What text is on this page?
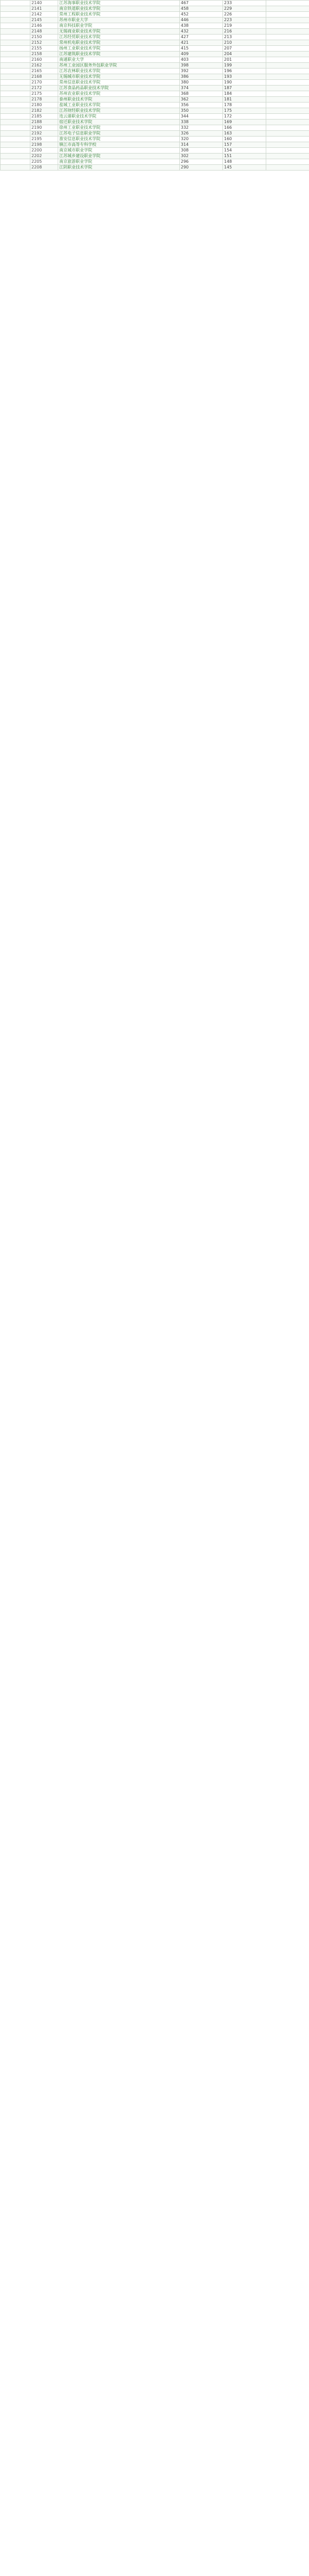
	2140	江苏海事职业技术学院	467	233	
	2141	南京铁道职业技术学院	458	229	
	2142	常州工程职业技术学院	452	226	
	2145	苏州市职业大学	446	223	
	2146	南京科技职业学院	438	219	
	2148	无锡商业职业技术学院	432	216	
	2150	江苏经贸职业技术学院	427	213	
	2152	常州机电职业技术学院	421	210	
	2155	扬州工业职业技术学院	415	207	
	2158	江苏建筑职业技术学院	409	204	
	2160	南通职业大学	403	201	
	2162	苏州工业园区服务外包职业学院	398	199	
	2165	江苏农林职业技术学院	392	196	
	2168	无锡城市职业技术学院	386	193	
	2170	常州信息职业技术学院	380	190	
	2172	江苏食品药品职业技术学院	374	187	
	2175	苏州农业职业技术学院	368	184	
	2178	泰州职业技术学院	362	181	
	2180	盐城工业职业技术学院	356	178	
	2182	江苏财经职业技术学院	350	175	
	2185	连云港职业技术学院	344	172	
	2188	宿迁职业技术学院	338	169	
	2190	徐州工业职业技术学院	332	166	
	2192	江苏电子信息职业学院	326	163	
	2195	淮安信息职业技术学院	320	160	
	2198	镇江市高等专科学校	314	157	
	2200	南京城市职业学院	308	154	
	2202	江苏城乡建设职业学院	302	151	
	2205	南京旅游职业学院	296	148	
	2208	江阴职业技术学院	290	145	
